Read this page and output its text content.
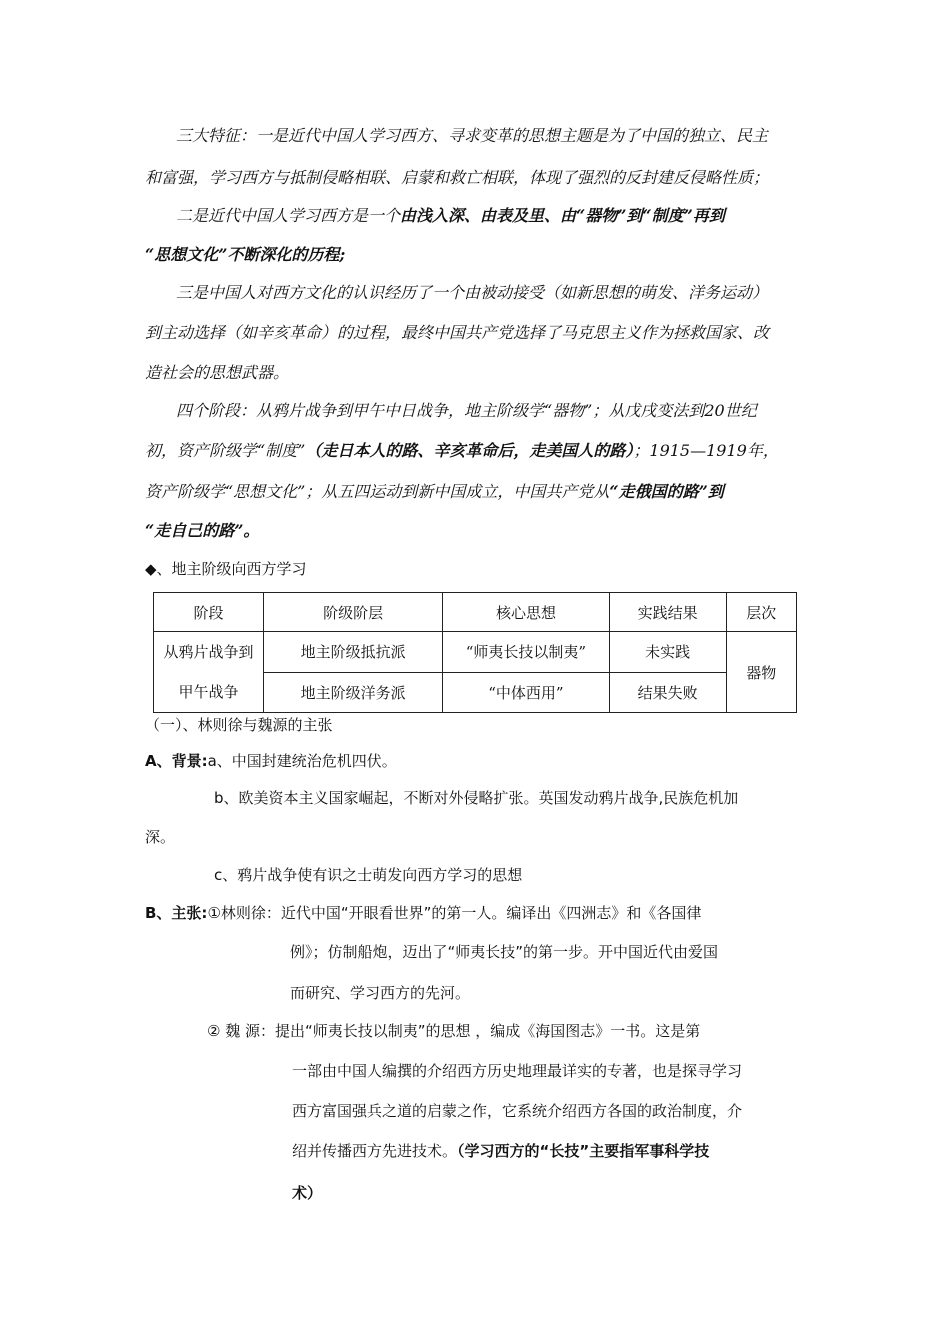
三大特征：一是近代中国人学习西方、寻求变革的思想主题是为了中国的独立、民主
和富强，学习西方与抵制侵略相联、启蒙和救亡相联，体现了强烈的反封建反侵略性质；
二是近代中国人学习西方是一个由浅入深、由表及里、由“器物”到“制度”再到
“思想文化”不断深化的历程;
三是中国人对西方文化的认识经历了一个由被动接受（如新思想的萌发、洋务运动）
到主动选择（如辛亥革命）的过程，最终中国共产党选择了马克思主义作为拯救国家、改
造社会的思想武器。
四个阶段：从鸦片战争到甲午中日战争，地主阶级学“器物”；从戊戌变法到20世纪
初，资产阶级学“制度”（走日本人的路、辛亥革命后，走美国人的路）；1915—1919年，
资产阶级学“思想文化”；从五四运动到新中国成立，中国共产党从“走俄国的路”到
“走自己的路”。
◆、地主阶级向西方学习
阶段	阶级阶层	核心思想	实践结果	层次

从鸦片战争到
甲午战争	地主阶级抵抗派	“师夷长技以制夷”	未实践	器物
	地主阶级洋务派	“中体西用”	结果失败	
（一）、林则徐与魏源的主张
A、背景:a、中国封建统治危机四伏。
b、欧美资本主义国家崛起，不断对外侵略扩张。英国发动鸦片战争,民族危机加
深。
c、鸦片战争使有识之士萌发向西方学习的思想
B、主张:①林则徐：近代中国“开眼看世界”的第一人。编译出《四洲志》和《各国律
例》；仿制船炮，迈出了“师夷长技”的第一步。开中国近代由爱国
而研究、学习西方的先河。
② 魏 源：提出“师夷长技以制夷”的思想 ，编成《海国图志》一书。这是第
一部由中国人编撰的介绍西方历史地理最详实的专著，也是探寻学习
西方富国强兵之道的启蒙之作，它系统介绍西方各国的政治制度，介
绍并传播西方先进技术。（学习西方的“长技”主要指军事科学技
术）
